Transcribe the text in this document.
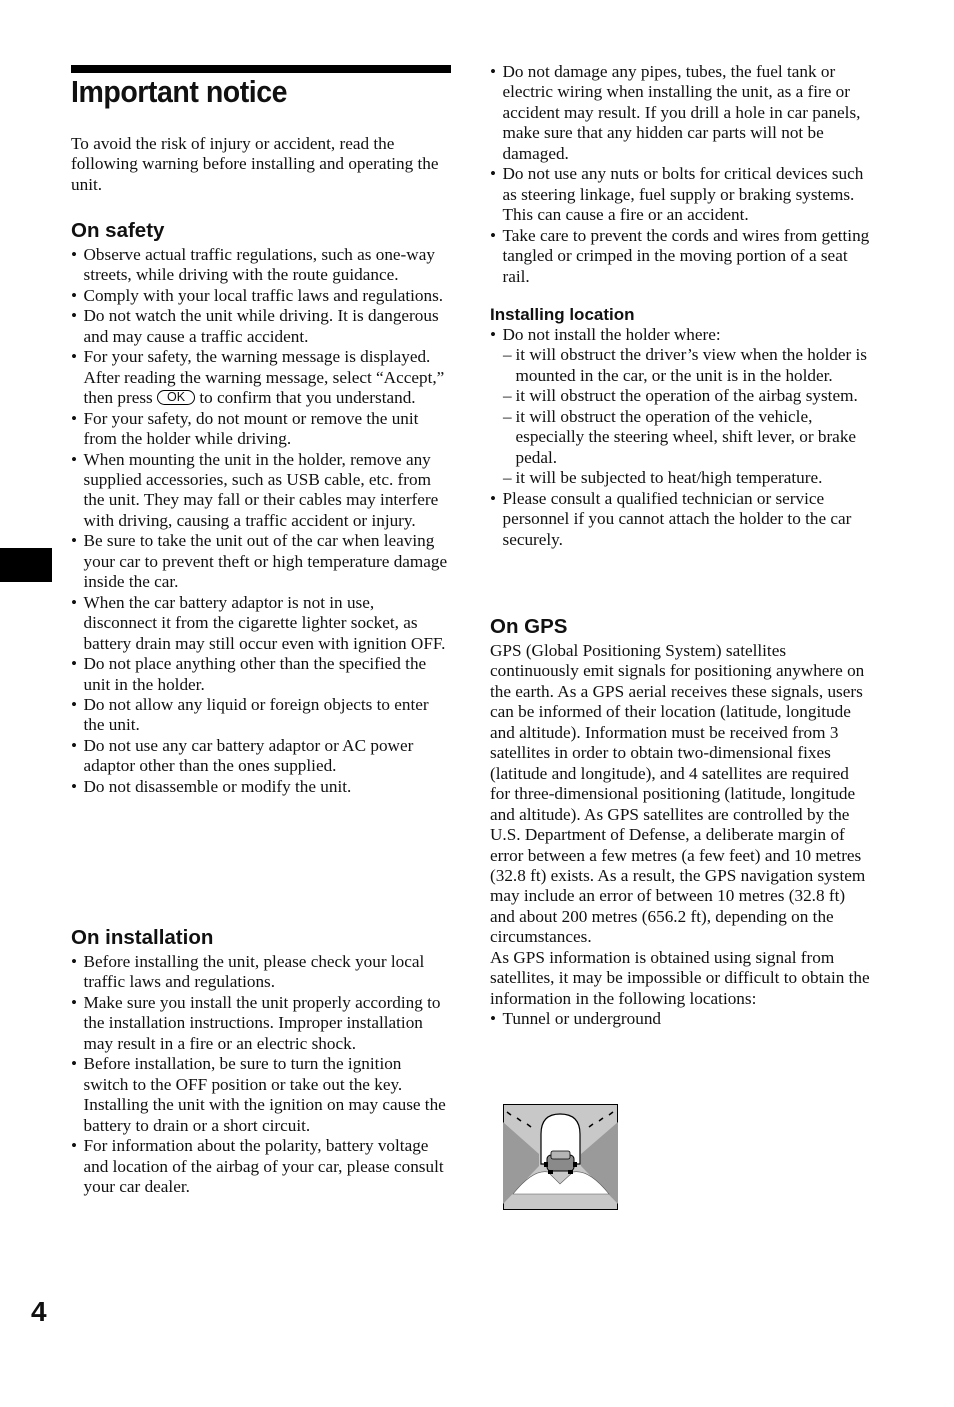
Important notice

To avoid the risk of injury or accident, read the following warning before installing and operating the unit.

On safety
• Observe actual traffic regulations, such as one-way streets, while driving with the route guidance.
• Comply with your local traffic laws and regulations.
• Do not watch the unit while driving. It is dangerous and may cause a traffic accident.
• For your safety, the warning message is displayed. After reading the warning message, select “Accept,” then press OK to confirm that you understand.
• For your safety, do not mount or remove the unit from the holder while driving.
• When mounting the unit in the holder, remove any supplied accessories, such as USB cable, etc. from the unit. They may fall or their cables may interfere with driving, causing a traffic accident or injury.
• Be sure to take the unit out of the car when leaving your car to prevent theft or high temperature damage inside the car.
• When the car battery adaptor is not in use, disconnect it from the cigarette lighter socket, as battery drain may still occur even with ignition OFF.
• Do not place anything other than the specified the unit in the holder.
• Do not allow any liquid or foreign objects to enter the unit.
• Do not use any car battery adaptor or AC power adaptor other than the ones supplied.
• Do not disassemble or modify the unit.
On installation
• Before installing the unit, please check your local traffic laws and regulations.
• Make sure you install the unit properly according to the installation instructions. Improper installation may result in a fire or an electric shock.
• Before installation, be sure to turn the ignition switch to the OFF position or take out the key. Installing the unit with the ignition on may cause the battery to drain or a short circuit.
• For information about the polarity, battery voltage and location of the airbag of your car, please consult your car dealer.
• Do not damage any pipes, tubes, the fuel tank or electric wiring when installing the unit, as a fire or accident may result. If you drill a hole in car panels, make sure that any hidden car parts will not be damaged.
• Do not use any nuts or bolts for critical devices such as steering linkage, fuel supply or braking systems. This can cause a fire or an accident.
• Take care to prevent the cords and wires from getting tangled or crimped in the moving portion of a seat rail.
Installing location
• Do not install the holder where:
– it will obstruct the driver’s view when the holder is mounted in the car, or the unit is in the holder.
– it will obstruct the operation of the airbag system.
– it will obstruct the operation of the vehicle, especially the steering wheel, shift lever, or brake pedal.
– it will be subjected to heat/high temperature.
• Please consult a qualified technician or service personnel if you cannot attach the holder to the car securely.
On GPS

GPS (Global Positioning System) satellites continuously emit signals for positioning anywhere on the earth. As a GPS aerial receives these signals, users can be informed of their location (latitude, longitude and altitude). Information must be received from 3 satellites in order to obtain two-dimensional fixes (latitude and longitude), and 4 satellites are required for three-dimensional positioning (latitude, longitude and altitude). As GPS satellites are controlled by the U.S. Department of Defense, a deliberate margin of error between a few metres (a few feet) and 10 metres (32.8 ft) exists. As a result, the GPS navigation system may include an error of between 10 metres (32.8 ft) and about 200 metres (656.2 ft), depending on the circumstances.

As GPS information is obtained using signal from satellites, it may be impossible or difficult to obtain the information in the following locations:

• Tunnel or underground
4
